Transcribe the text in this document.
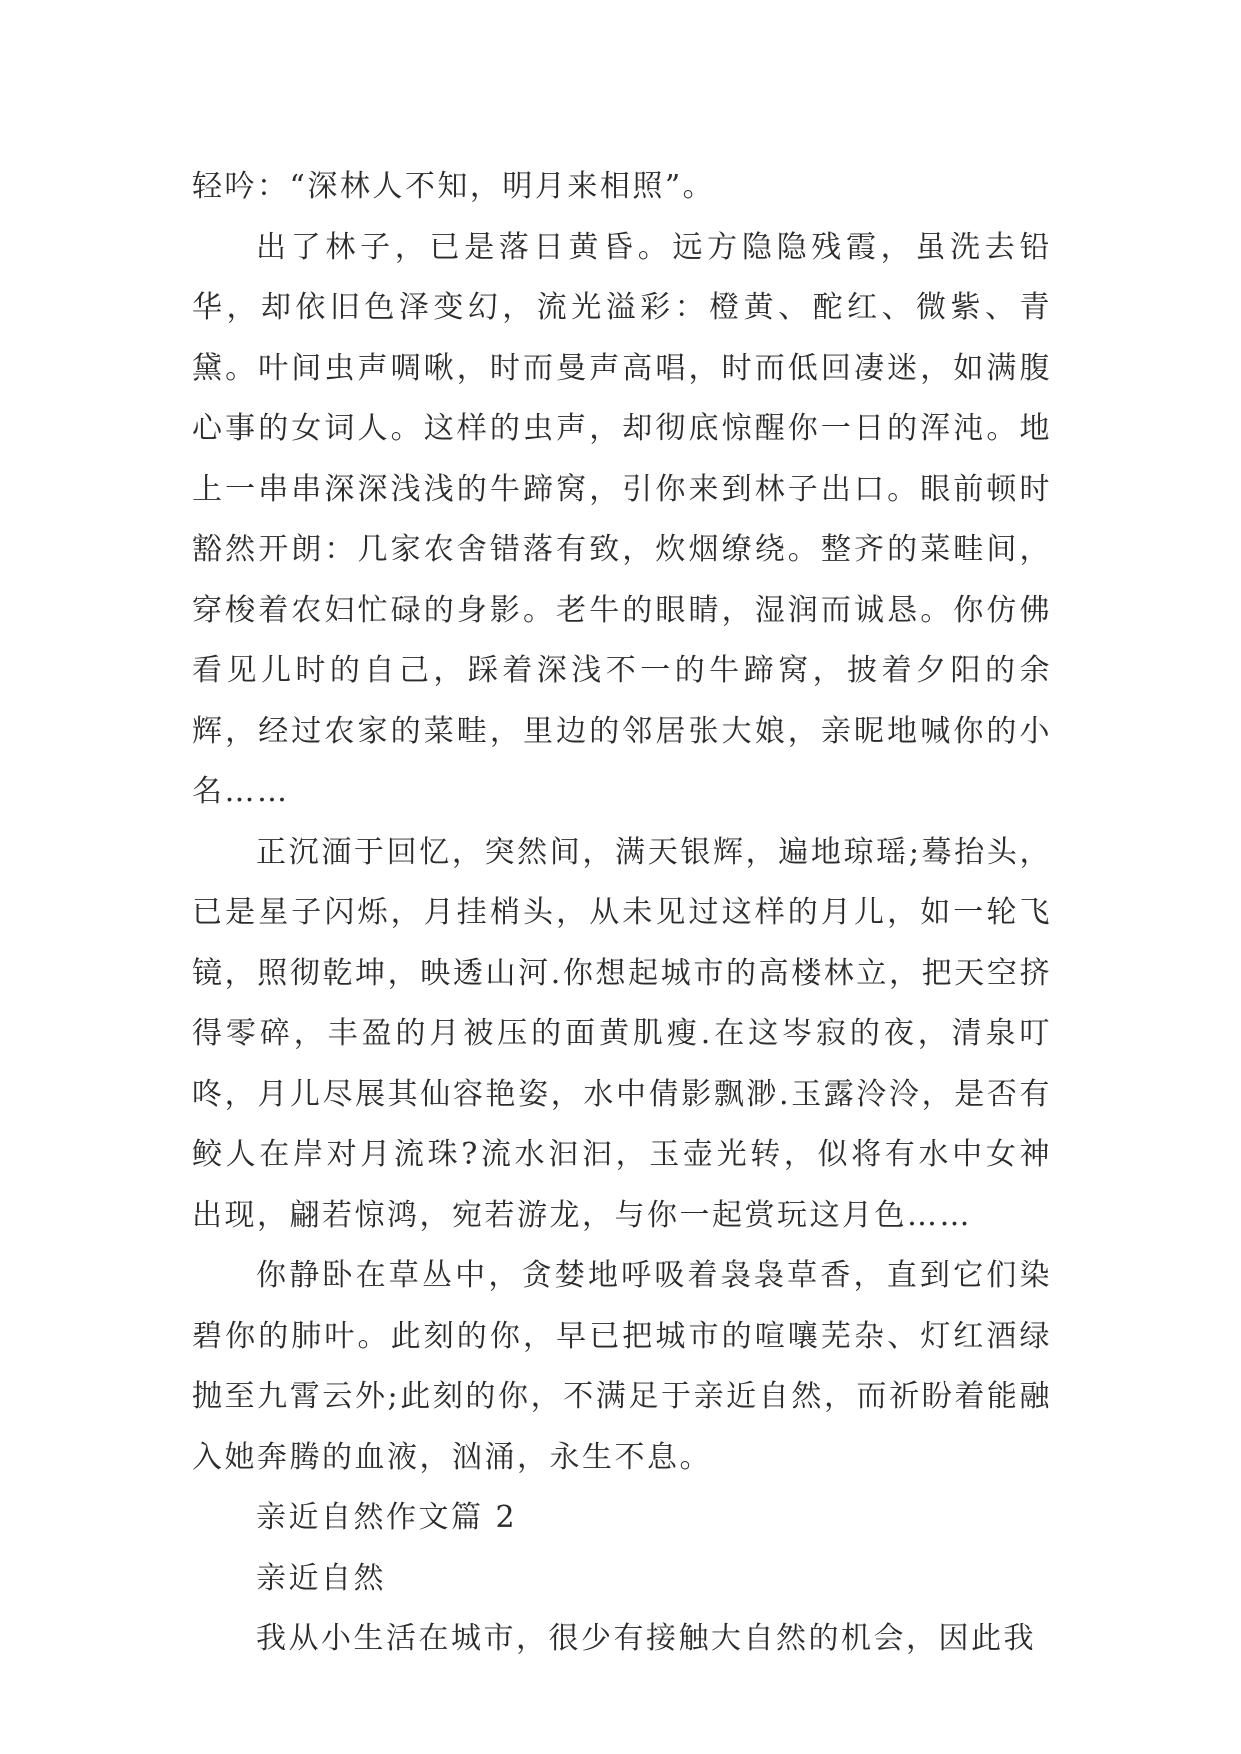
轻吟：“深林人不知，明月来相照”。

出了林子，已是落日黄昏。远方隐隐残霞，虽洗去铅华，却依旧色泽变幻，流光溢彩：橙黄、酡红、微紫、青黛。叶间虫声啁啾，时而曼声高唱，时而低回凄迷，如满腹心事的女词人。这样的虫声，却彻底惊醒你一日的浑沌。地上一串串深深浅浅的牛蹄窝，引你来到林子出口。眼前顿时豁然开朗：几家农舍错落有致，炊烟缭绕。整齐的菜畦间，穿梭着农妇忙碌的身影。老牛的眼睛，湿润而诚恳。你仿佛看见儿时的自己，踩着深浅不一的牛蹄窝，披着夕阳的余辉，经过农家的菜畦，里边的邻居张大娘，亲昵地喊你的小名……

正沉湎于回忆，突然间，满天银辉，遍地琼瑶;蓦抬头，已是星子闪烁，月挂梢头，从未见过这样的月儿，如一轮飞镜，照彻乾坤，映透山河.你想起城市的高楼林立，把天空挤得零碎，丰盈的月被压的面黄肌瘦.在这岑寂的夜，清泉叮咚，月儿尽展其仙容艳姿，水中倩影飘渺.玉露泠泠，是否有鲛人在岸对月流珠?流水汩汩，玉壶光转，似将有水中女神出现，翩若惊鸿，宛若游龙，与你一起赏玩这月色……

你静卧在草丛中，贪婪地呼吸着袅袅草香，直到它们染碧你的肺叶。此刻的你，早已把城市的喧嚷芜杂、灯红酒绿抛至九霄云外;此刻的你，不满足于亲近自然，而祈盼着能融入她奔腾的血液，汹涌，永生不息。

亲近自然作文篇 2

亲近自然

我从小生活在城市，很少有接触大自然的机会，因此我
